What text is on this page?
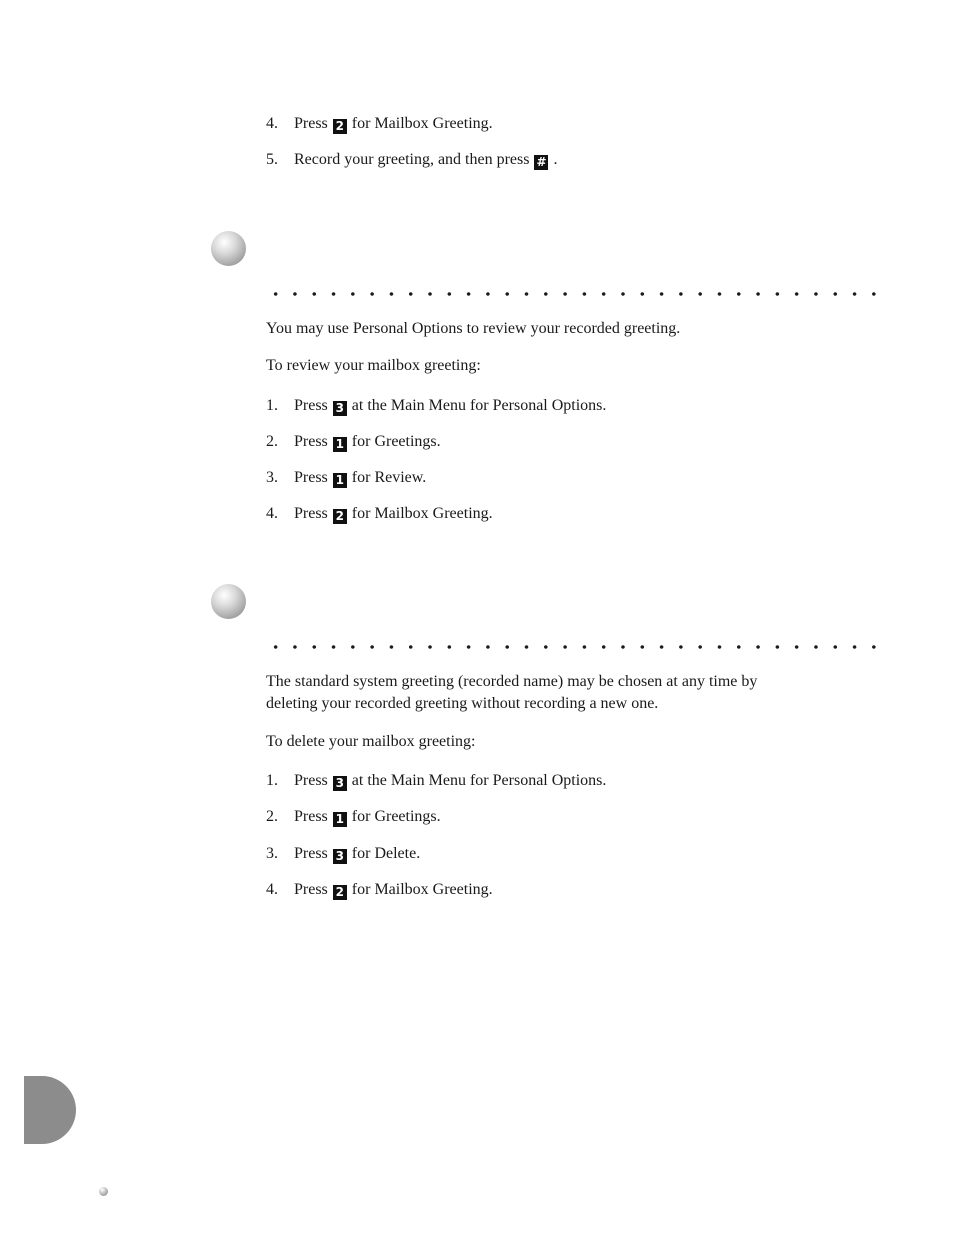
4. Press 2 for Mailbox Greeting.
5. Record your greeting, and then press # .
You may use Personal Options to review your recorded greeting.
To review your mailbox greeting:
1. Press 3 at the Main Menu for Personal Options.
2. Press 1 for Greetings.
3. Press 1 for Review.
4. Press 2 for Mailbox Greeting.
The standard system greeting (recorded name) may be chosen at any time by
deleting your recorded greeting without recording a new one.
To delete your mailbox greeting:
1. Press 3 at the Main Menu for Personal Options.
2. Press 1 for Greetings.
3. Press 3 for Delete.
4. Press 2 for Mailbox Greeting.
